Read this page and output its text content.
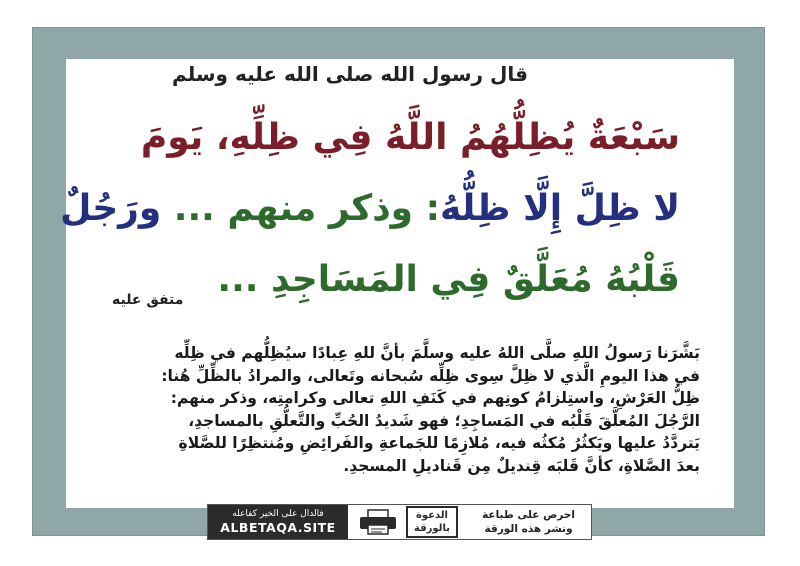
قال رسول الله صلى الله عليه وسلم
سَبْعَةٌ يُظِلُّهُمُ اللَّهُ فِي ظِلِّهِ، يَومَ
لا ظِلَّ إِلَّا ظِلُّهُ: وذكر منهم ... ورَجُلٌ
قَلْبُهُ مُعَلَّقٌ فِي المَسَاجِدِ ...
متفق عليه
بَشَّرَنا رَسولُ اللهِ صلَّى اللهُ عليه وسلَّمَ بأنَّ للهِ عِبادًا سيُظِلُّهم في ظِلِّه
في هذا اليومِ الَّذي لا ظِلَّ سِوى ظِلِّه سُبحانه وتَعالى، والمرادُ بالظِّلِّ هُنا:
ظِلُّ العَرْشِ، واستِلزامُ كونِهم في كَنَفِ اللهِ تعالى وكرامتِه، وذكر منهم:
الرَّجُلَ المُعلَّقَ قَلْبُه في المَساجِدِ؛ فهو شَديدُ الحُبِّ والتَّعلُّقِ بالمساجدِ،
يَتردَّدُ عليها ويَكثُرُ مُكثُه فيه، مُلازِمًا للجَماعةِ والفَرائِضِ ومُنتظِرًا للصَّلاةِ
بعدَ الصَّلاةِ، كأنَّ قَلبَه قِنديلٌ مِن قَناديلِ المسجدِ.
فالدال على الخير كفاعله
ALBETAQA.SITE
الدعوة
بالورقة
احرص على طباعة
ونشر هذه الورقة
